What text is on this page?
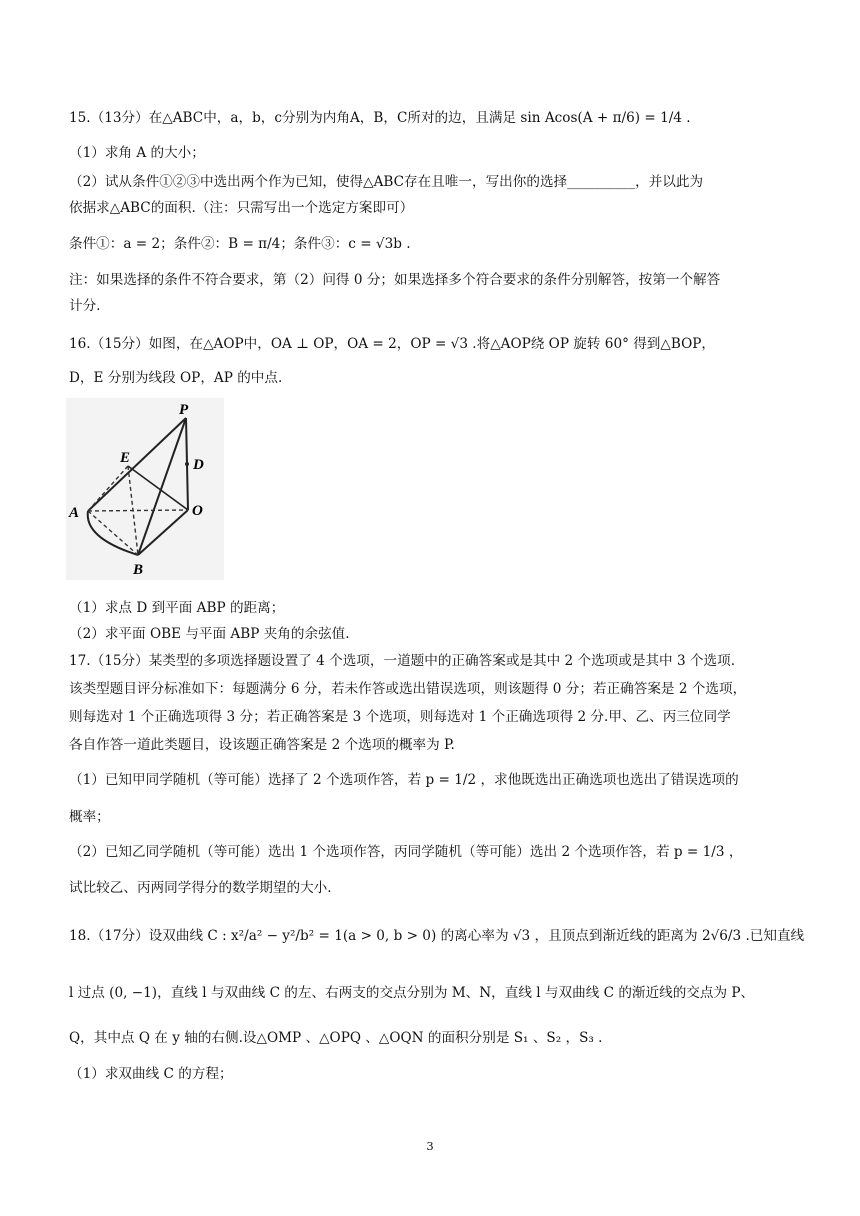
15.（13分）在△ABC中，a，b，c分别为内角A，B，C所对的边，且满足 sin Acos(A + π/6) = 1/4 .
（1）求角 A 的大小；
（2）试从条件①②③中选出两个作为已知，使得△ABC存在且唯一，写出你的选择__________，并以此为
依据求△ABC的面积.（注：只需写出一个选定方案即可）
条件①：a = 2；条件②：B = π/4；条件③：c = √3b .
注：如果选择的条件不符合要求，第（2）问得 0 分；如果选择多个符合要求的条件分别解答，按第一个解答
计分.
16.（15分）如图，在△AOP中，OA ⊥ OP，OA = 2，OP = √3 .将△AOP绕 OP 旋转 60° 得到△BOP，
D，E 分别为线段 OP，AP 的中点.
P
E	D
A	O
B
（1）求点 D 到平面 ABP 的距离；
（2）求平面 OBE 与平面 ABP 夹角的余弦值.
17.（15分）某类型的多项选择题设置了 4 个选项，一道题中的正确答案或是其中 2 个选项或是其中 3 个选项.
该类型题目评分标准如下：每题满分 6 分，若未作答或选出错误选项，则该题得 0 分；若正确答案是 2 个选项，
则每选对 1 个正确选项得 3 分；若正确答案是 3 个选项，则每选对 1 个正确选项得 2 分.甲、乙、丙三位同学
各自作答一道此类题目，设该题正确答案是 2 个选项的概率为 P.
（1）已知甲同学随机（等可能）选择了 2 个选项作答，若 p = 1/2 ，求他既选出正确选项也选出了错误选项的
概率；
（2）已知乙同学随机（等可能）选出 1 个选项作答，丙同学随机（等可能）选出 2 个选项作答，若 p = 1/3 ，
试比较乙、丙两同学得分的数学期望的大小.
18.（17分）设双曲线 C : x²/a² − y²/b² = 1(a > 0, b > 0) 的离心率为 √3 ，且顶点到渐近线的距离为 2√6/3 .已知直线
l 过点 (0, −1)，直线 l 与双曲线 C 的左、右两支的交点分别为 M、N，直线 l 与双曲线 C 的渐近线的交点为 P、
Q，其中点 Q 在 y 轴的右侧.设△OMP 、△OPQ 、△OQN 的面积分别是 S₁ 、S₂ ，S₃ .
（1）求双曲线 C 的方程；
3
